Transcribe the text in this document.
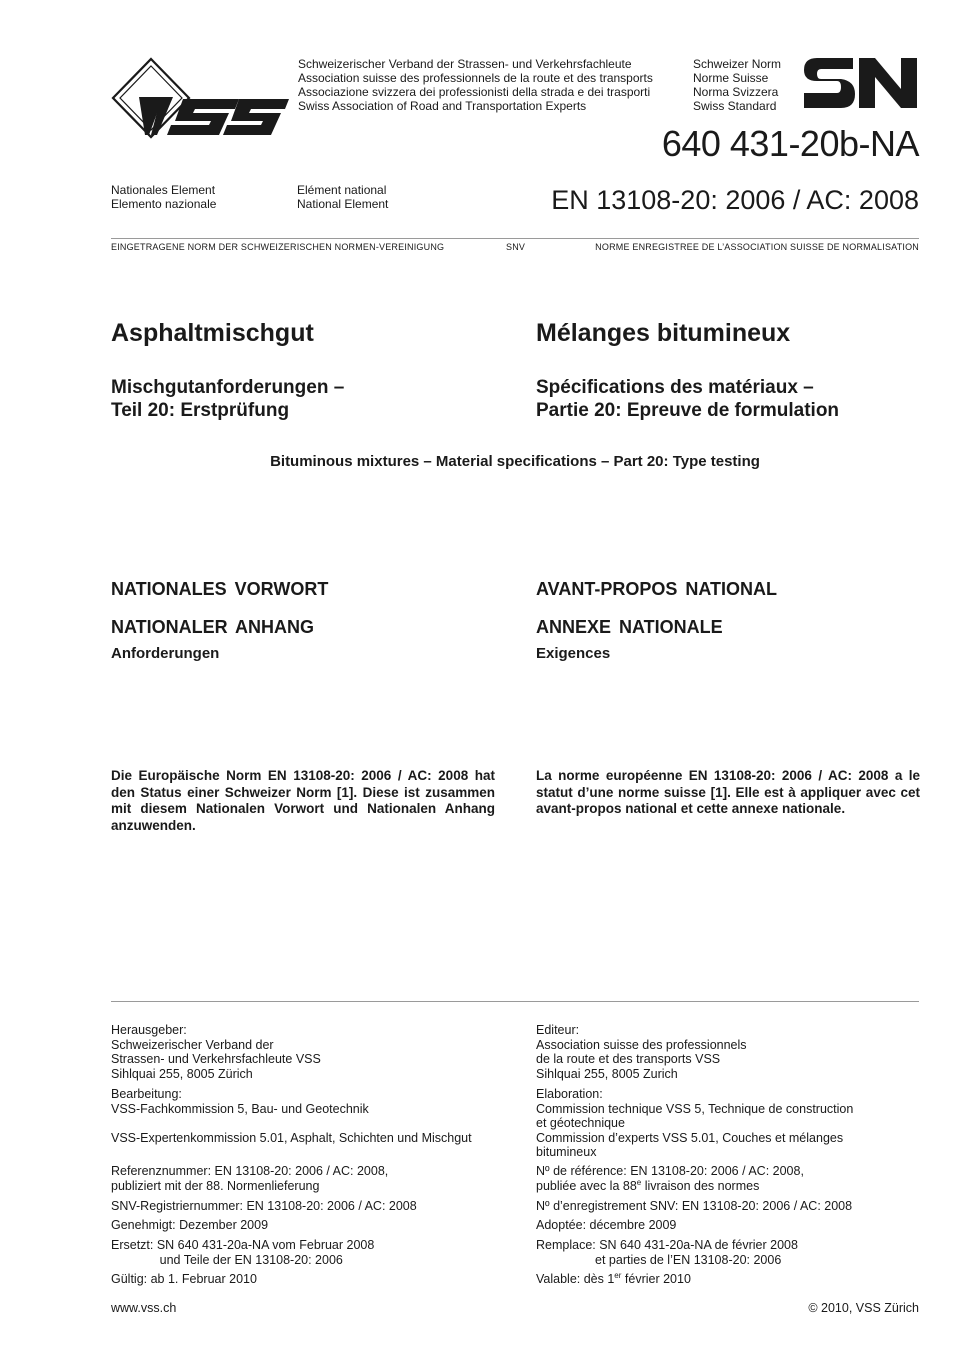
Schweizerischer Verband der Strassen- und Verkehrsfachleute
Association suisse des professionnels de la route et des transports
Associazione svizzera dei professionisti della strada e dei trasporti
Swiss Association of Road and Transportation Experts
Schweizer Norm
Norme Suisse
Norma Svizzera
Swiss Standard
640 431-20b-NA
Nationales Element
Elemento nazionale
Elément national
National Element	EN 13108-20: 2006 / AC: 2008
EINGETRAGENE NORM DER SCHWEIZERISCHEN NORMEN-VEREINIGUNG	SNV	NORME ENREGISTREE DE L’ASSOCIATION SUISSE DE NORMALISATION
Asphaltmischgut	Mélanges bitumineux
Mischgutanforderungen –
Teil 20: Erstprüfung
Spécifications des matériaux –
Partie 20: Epreuve de formulation
Bituminous mixtures – Material specifications – Part 20: Type testing
NATIONALES VORWORT	AVANT-PROPOS NATIONAL
NATIONALER ANHANG	ANNEXE NATIONALE
Anforderungen	Exigences
Die Europäische Norm EN 13108-20: 2006 / AC: 2008 hat den Status einer Schweizer Norm [1]. Diese ist zusammen mit diesem Nationalen Vorwort und Nationalen Anhang anzuwenden.
La norme européenne EN 13108-20: 2006 / AC: 2008 a le statut d’une norme suisse [1]. Elle est à appliquer avec cet avant-propos national et cette annexe nationale.
Herausgeber:
Schweizerischer Verband der
Strassen- und Verkehrsfachleute VSS
Sihlquai 255, 8005 Zürich
Bearbeitung:
VSS-Fachkommission 5, Bau- und Geotechnik
VSS-Expertenkommission 5.01, Asphalt, Schichten und Mischgut
Referenznummer: EN 13108-20: 2006 / AC: 2008,
publiziert mit der 88. Normenlieferung
SNV-Registriernummer: EN 13108-20: 2006 / AC: 2008
Genehmigt: Dezember 2009
Ersetzt: SN 640 431-20a-NA vom Februar 2008
und Teile der EN 13108-20: 2006
Gültig: ab 1. Februar 2010
Editeur:
Association suisse des professionnels
de la route et des transports VSS
Sihlquai 255, 8005 Zurich
Elaboration:
Commission technique VSS 5, Technique de construction
et géotechnique
Commission d’experts VSS 5.01, Couches et mélanges
bitumineux
Nº de référence: EN 13108-20: 2006 / AC: 2008,
publiée avec la 88e livraison des normes
Nº d’enregistrement SNV: EN 13108-20: 2006 / AC: 2008
Adoptée: décembre 2009
Remplace: SN 640 431-20a-NA de février 2008
et parties de l’EN 13108-20: 2006
Valable: dès 1er février 2010
www.vss.ch	© 2010, VSS Zürich
